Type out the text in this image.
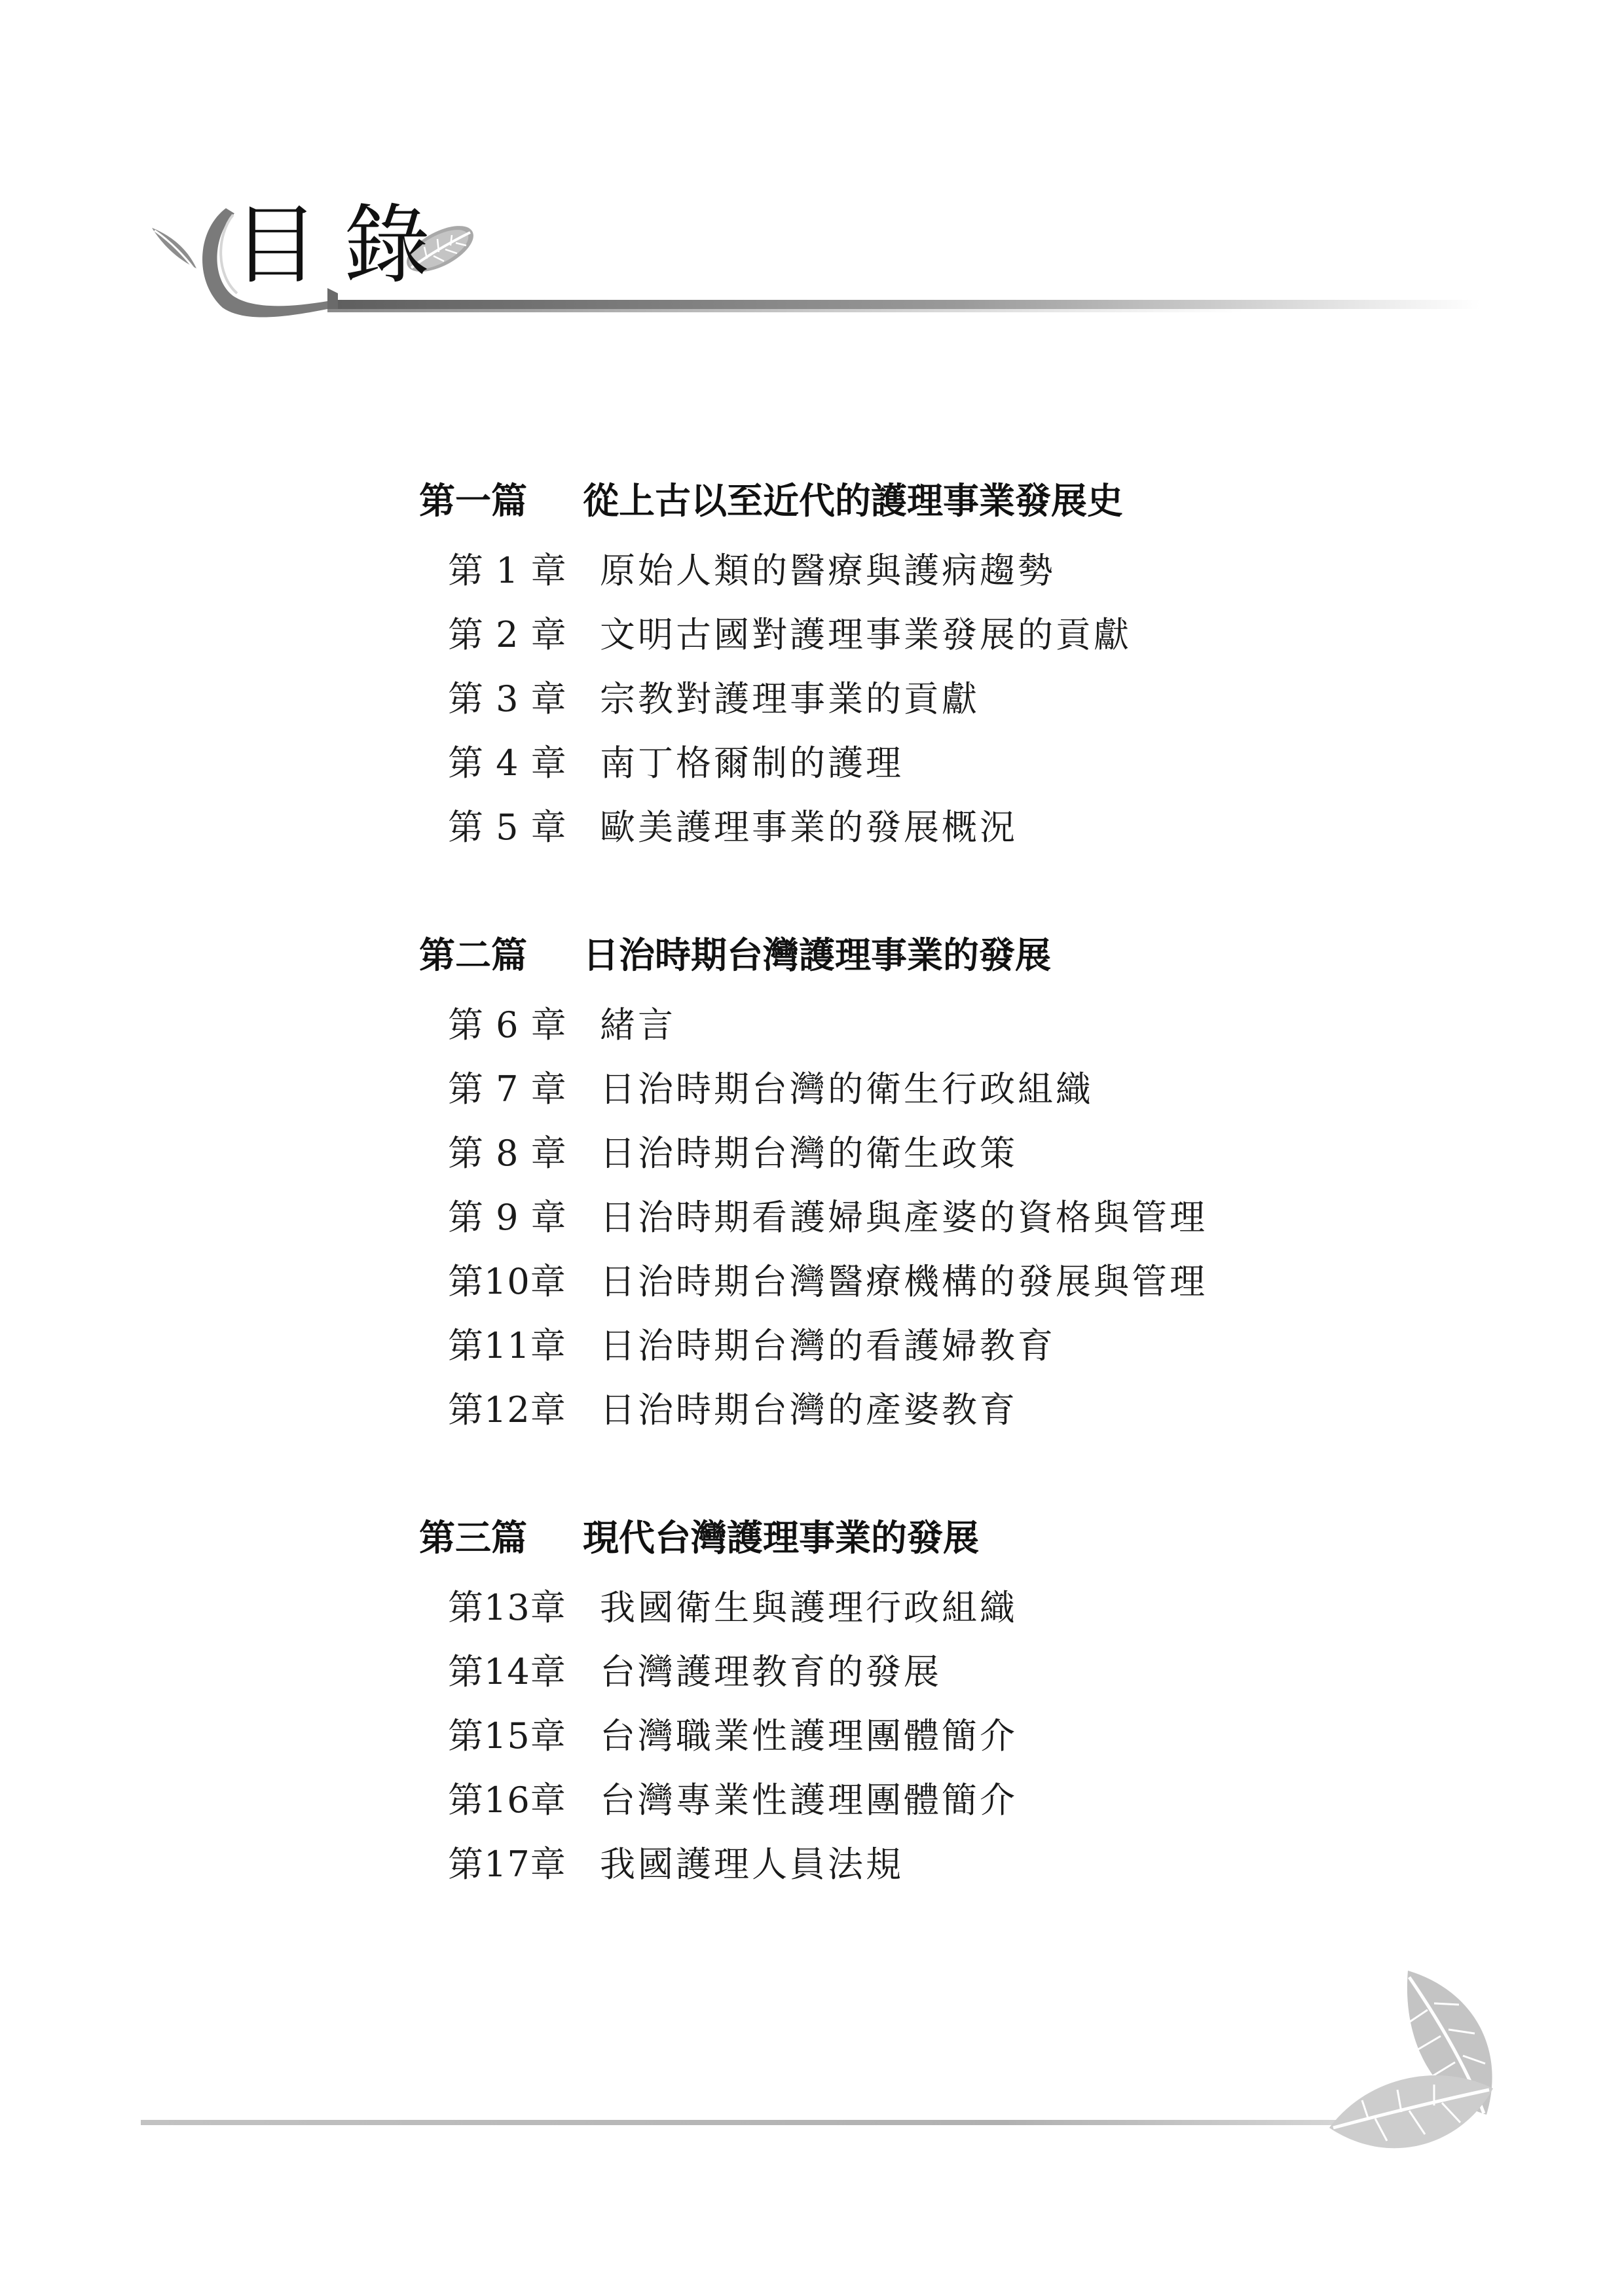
目錄
第一篇	從上古以至近代的護理事業發展史
第 1 章 原始人類的醫療與護病趨勢
第 2 章 文明古國對護理事業發展的貢獻
第 3 章 宗教對護理事業的貢獻
第 4 章 南丁格爾制的護理
第 5 章 歐美護理事業的發展概況
第二篇	日治時期台灣護理事業的發展
第 6 章 緒言
第 7 章 日治時期台灣的衛生行政組織
第 8 章 日治時期台灣的衛生政策
第 9 章 日治時期看護婦與產婆的資格與管理
第10章 日治時期台灣醫療機構的發展與管理
第11章 日治時期台灣的看護婦教育
第12章 日治時期台灣的產婆教育
第三篇	現代台灣護理事業的發展
第13章 我國衛生與護理行政組織
第14章 台灣護理教育的發展
第15章 台灣職業性護理團體簡介
第16章 台灣專業性護理團體簡介
第17章 我國護理人員法規
